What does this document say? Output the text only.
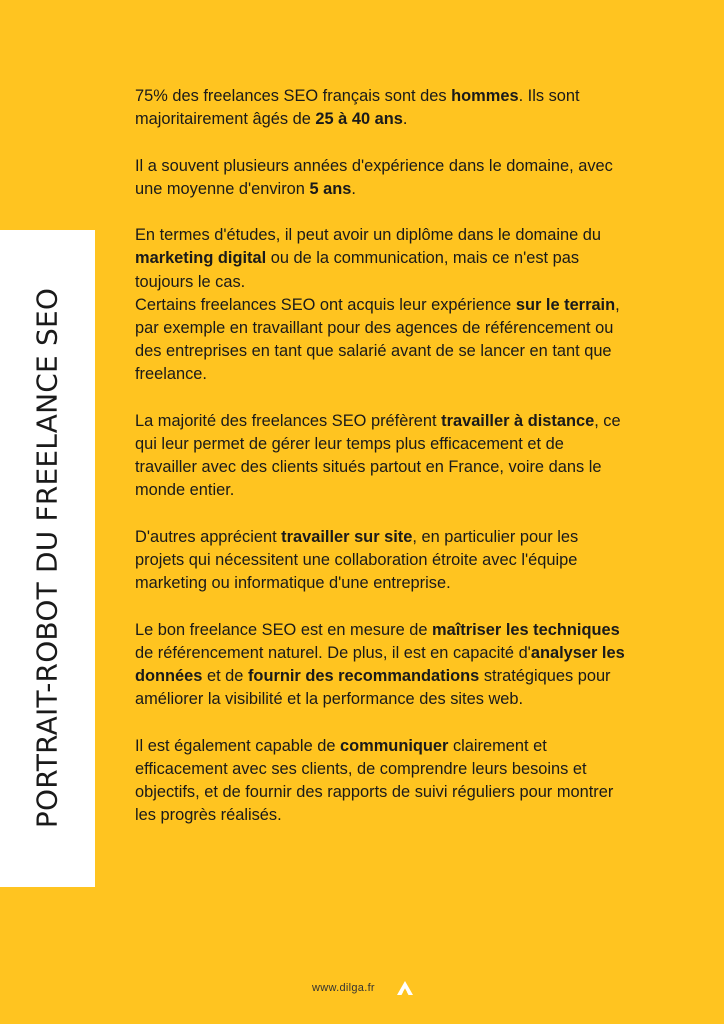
PORTRAIT-ROBOT DU FREELANCE SEO

75% des freelances SEO français sont des hommes. Ils sont majoritairement âgés de 25 à 40 ans.

Il a souvent plusieurs années d'expérience dans le domaine, avec une moyenne d'environ 5 ans.

En termes d'études, il peut avoir un diplôme dans le domaine du marketing digital ou de la communication, mais ce n'est pas toujours le cas.

Certains freelances SEO ont acquis leur expérience sur le terrain, par exemple en travaillant pour des agences de référencement ou des entreprises en tant que salarié avant de se lancer en tant que freelance.

La majorité des freelances SEO préfèrent travailler à distance, ce qui leur permet de gérer leur temps plus efficacement et de travailler avec des clients situés partout en France, voire dans le monde entier.

D'autres apprécient travailler sur site, en particulier pour les projets qui nécessitent une collaboration étroite avec l'équipe marketing ou informatique d'une entreprise.

Le bon freelance SEO est en mesure de maîtriser les techniques de référencement naturel. De plus, il est en capacité d'analyser les données et de fournir des recommandations stratégiques pour améliorer la visibilité et la performance des sites web.

Il est également capable de communiquer clairement et efficacement avec ses clients, de comprendre leurs besoins et objectifs, et de fournir des rapports de suivi réguliers pour montrer les progrès réalisés.

www.dilga.fr
